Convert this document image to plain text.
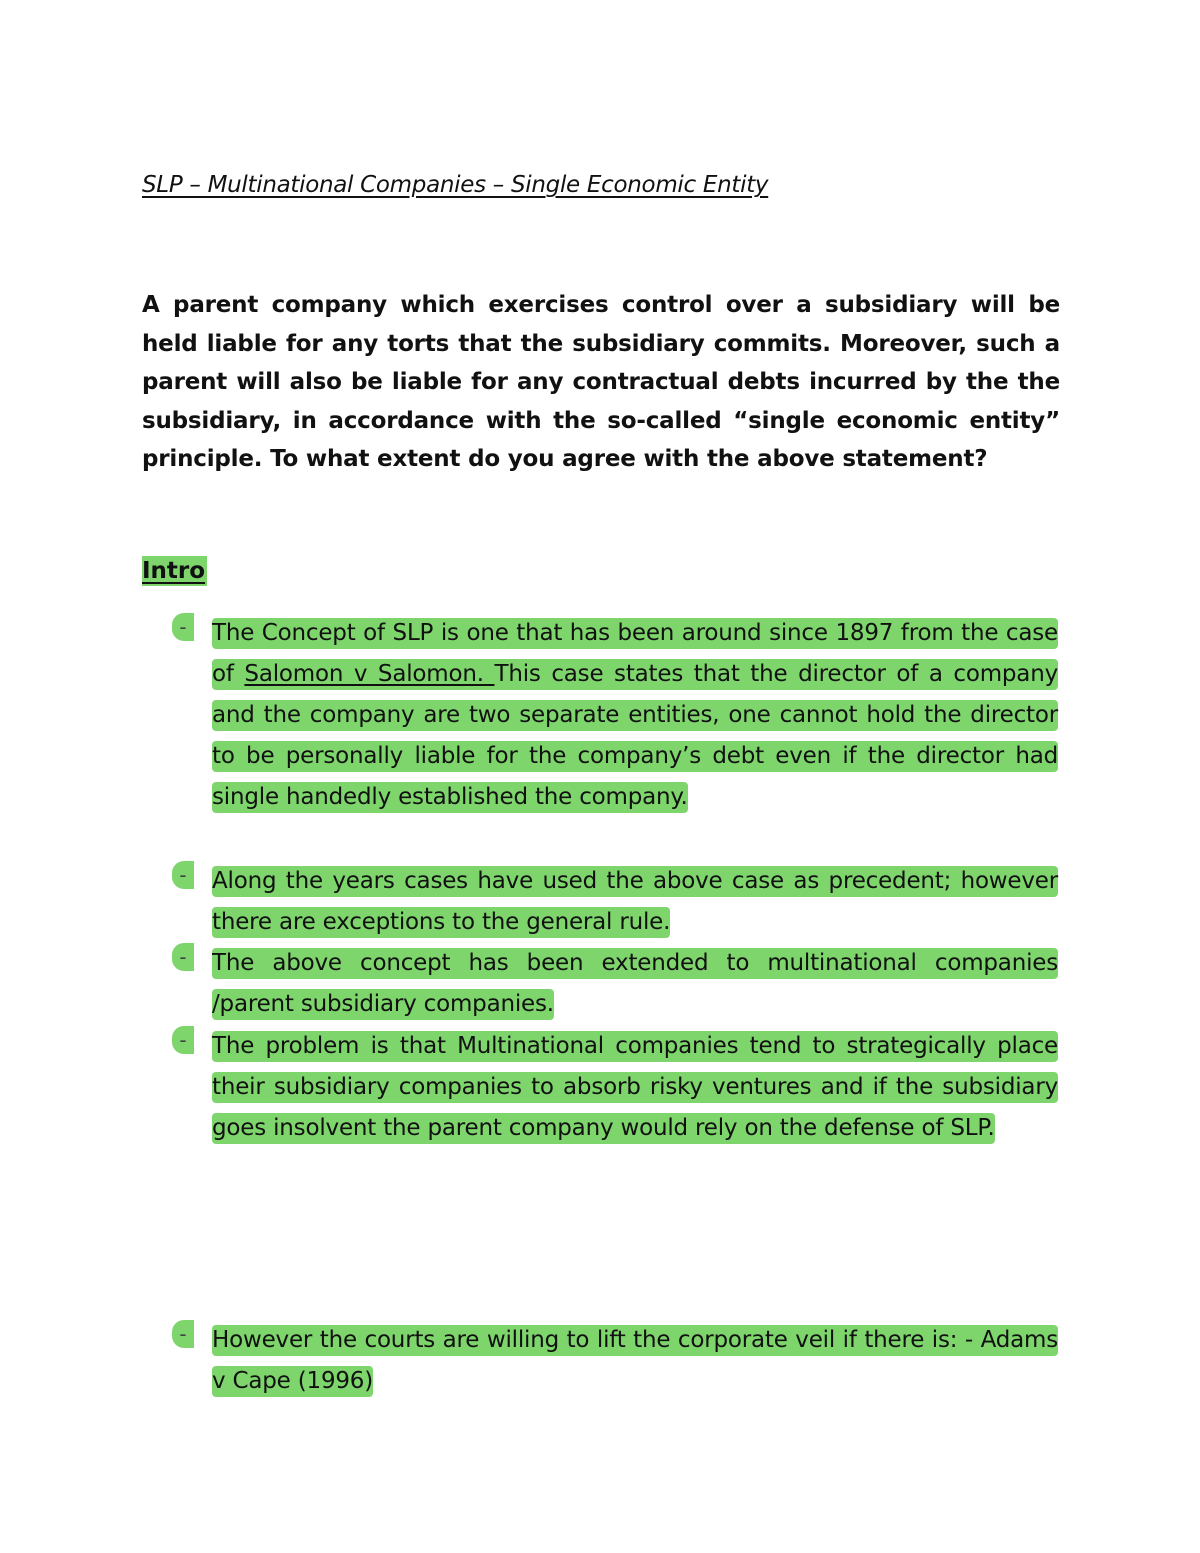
SLP – Multinational Companies – Single Economic Entity
A parent company which exercises control over a subsidiary will be held liable for any torts that the subsidiary commits. Moreover, such a parent will also be liable for any contractual debts incurred by the the subsidiary, in accordance with the so-called “single economic entity” principle. To what extent do you agree with the above statement?
Intro
-	The Concept of SLP is one that has been around since 1897 from the case of Salomon v Salomon. This case states that the director of a company and the company are two separate entities, one cannot hold the director to be personally liable for the company’s debt even if the director had single handedly established the company.
-	Along the years cases have used the above case as precedent; however there are exceptions to the general rule.
-	The above concept has been extended to multinational companies /parent subsidiary companies.
-	The problem is that Multinational companies tend to strategically place their subsidiary companies to absorb risky ventures and if the subsidiary goes insolvent the parent company would rely on the defense of SLP.
-	However the courts are willing to lift the corporate veil if there is: - Adams v Cape (1996)
